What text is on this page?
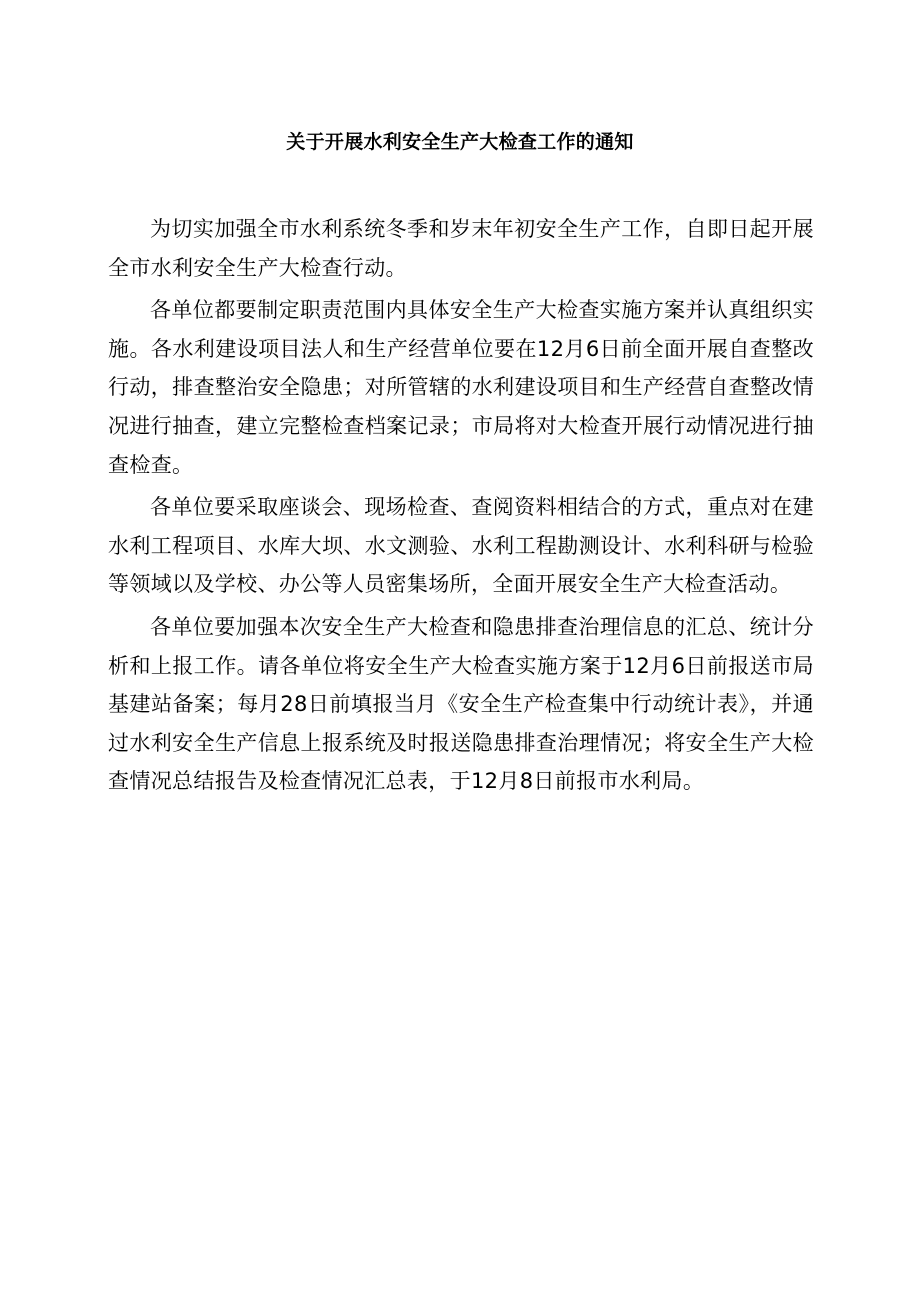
关于开展水利安全生产大检查工作的通知

为切实加强全市水利系统冬季和岁末年初安全生产工作，自即日起开展全市水利安全生产大检查行动。

各单位都要制定职责范围内具体安全生产大检查实施方案并认真组织实施。各水利建设项目法人和生产经营单位要在12月6日前全面开展自查整改行动，排查整治安全隐患；对所管辖的水利建设项目和生产经营自查整改情况进行抽查，建立完整检查档案记录；市局将对大检查开展行动情况进行抽查检查。

各单位要采取座谈会、现场检查、查阅资料相结合的方式，重点对在建水利工程项目、水库大坝、水文测验、水利工程勘测设计、水利科研与检验等领域以及学校、办公等人员密集场所，全面开展安全生产大检查活动。

各单位要加强本次安全生产大检查和隐患排查治理信息的汇总、统计分析和上报工作。请各单位将安全生产大检查实施方案于12月6日前报送市局基建站备案；每月28日前填报当月《安全生产检查集中行动统计表》，并通过水利安全生产信息上报系统及时报送隐患排查治理情况；将安全生产大检查情况总结报告及检查情况汇总表，于12月8日前报市水利局。
